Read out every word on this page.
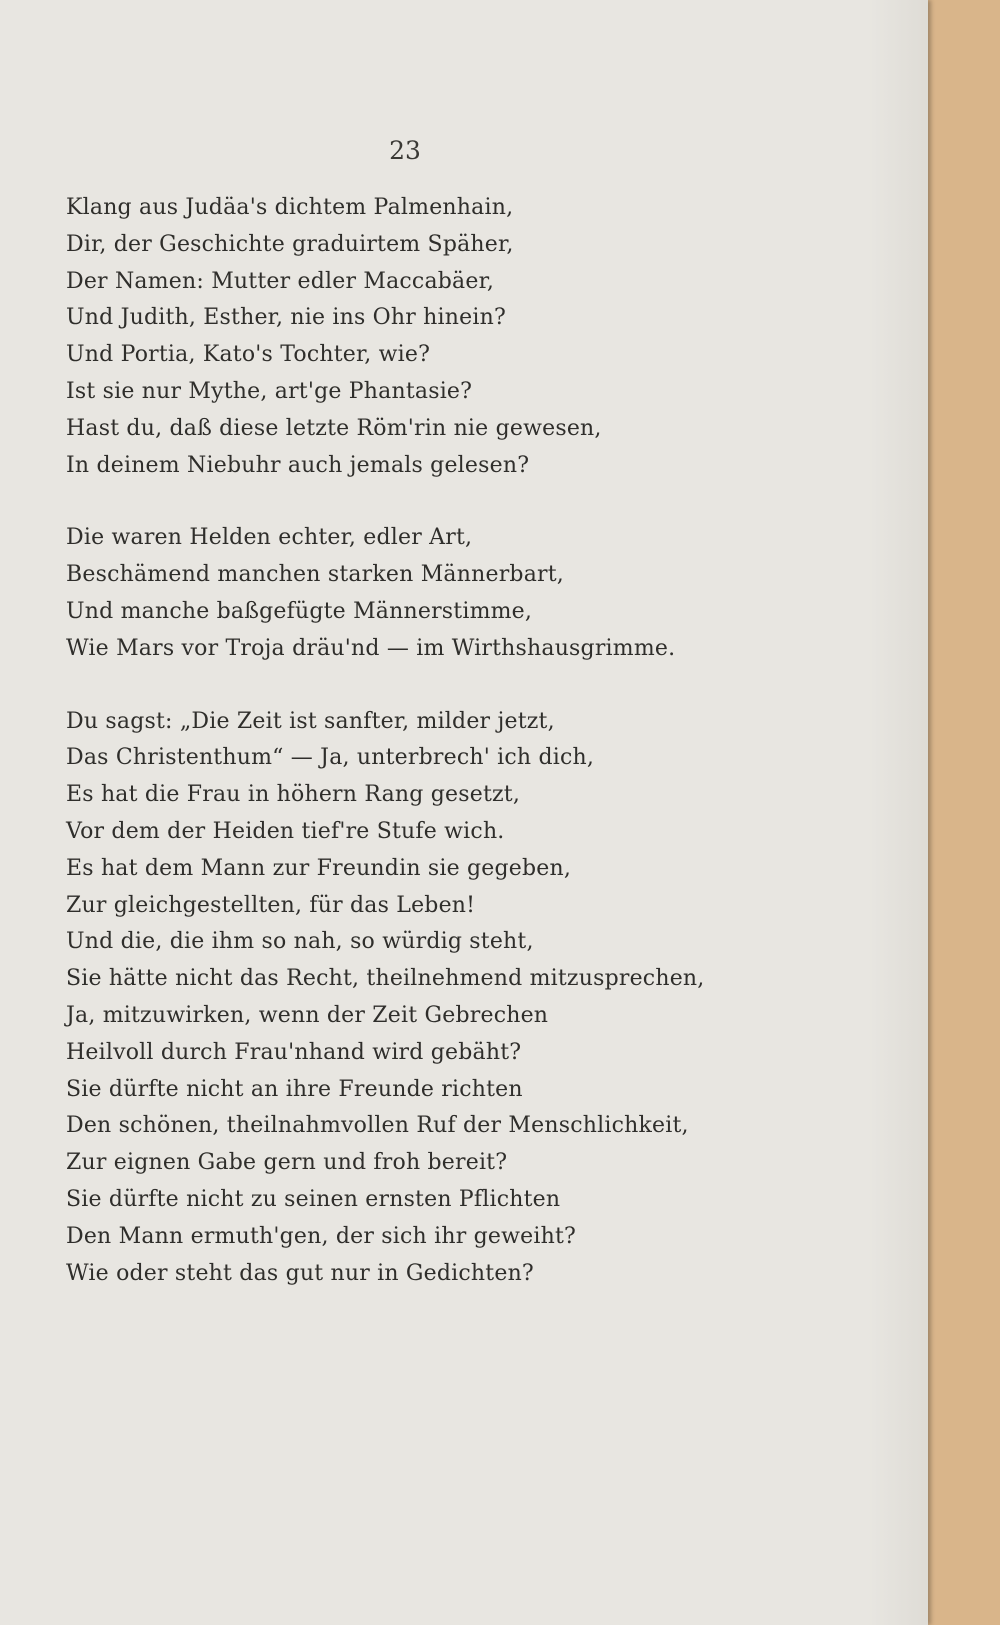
23
Klang aus Judäa's dichtem Palmenhain,
Dir, der Geschichte graduirtem Späher,
Der Namen: Mutter edler Maccabäer,
Und Judith, Esther, nie ins Ohr hinein?
Und Portia, Kato's Tochter, wie?
Ist sie nur Mythe, art'ge Phantasie?
Hast du, daß diese letzte Röm'rin nie gewesen,
In deinem Niebuhr auch jemals gelesen?
Die waren Helden echter, edler Art,
Beschämend manchen starken Männerbart,
Und manche baßgefügte Männerstimme,
Wie Mars vor Troja dräu'nd — im Wirthshausgrimme.
Du sagst: „Die Zeit ist sanfter, milder jetzt,
Das Christenthum“ — Ja, unterbrech' ich dich,
Es hat die Frau in höhern Rang gesetzt,
Vor dem der Heiden tief're Stufe wich.
Es hat dem Mann zur Freundin sie gegeben,
Zur gleichgestellten, für das Leben!
Und die, die ihm so nah, so würdig steht,
Sie hätte nicht das Recht, theilnehmend mitzusprechen,
Ja, mitzuwirken, wenn der Zeit Gebrechen
Heilvoll durch Frau'nhand wird gebäht?
Sie dürfte nicht an ihre Freunde richten
Den schönen, theilnahmvollen Ruf der Menschlichkeit,
Zur eignen Gabe gern und froh bereit?
Sie dürfte nicht zu seinen ernsten Pflichten
Den Mann ermuth'gen, der sich ihr geweiht?
Wie oder steht das gut nur in Gedichten?
